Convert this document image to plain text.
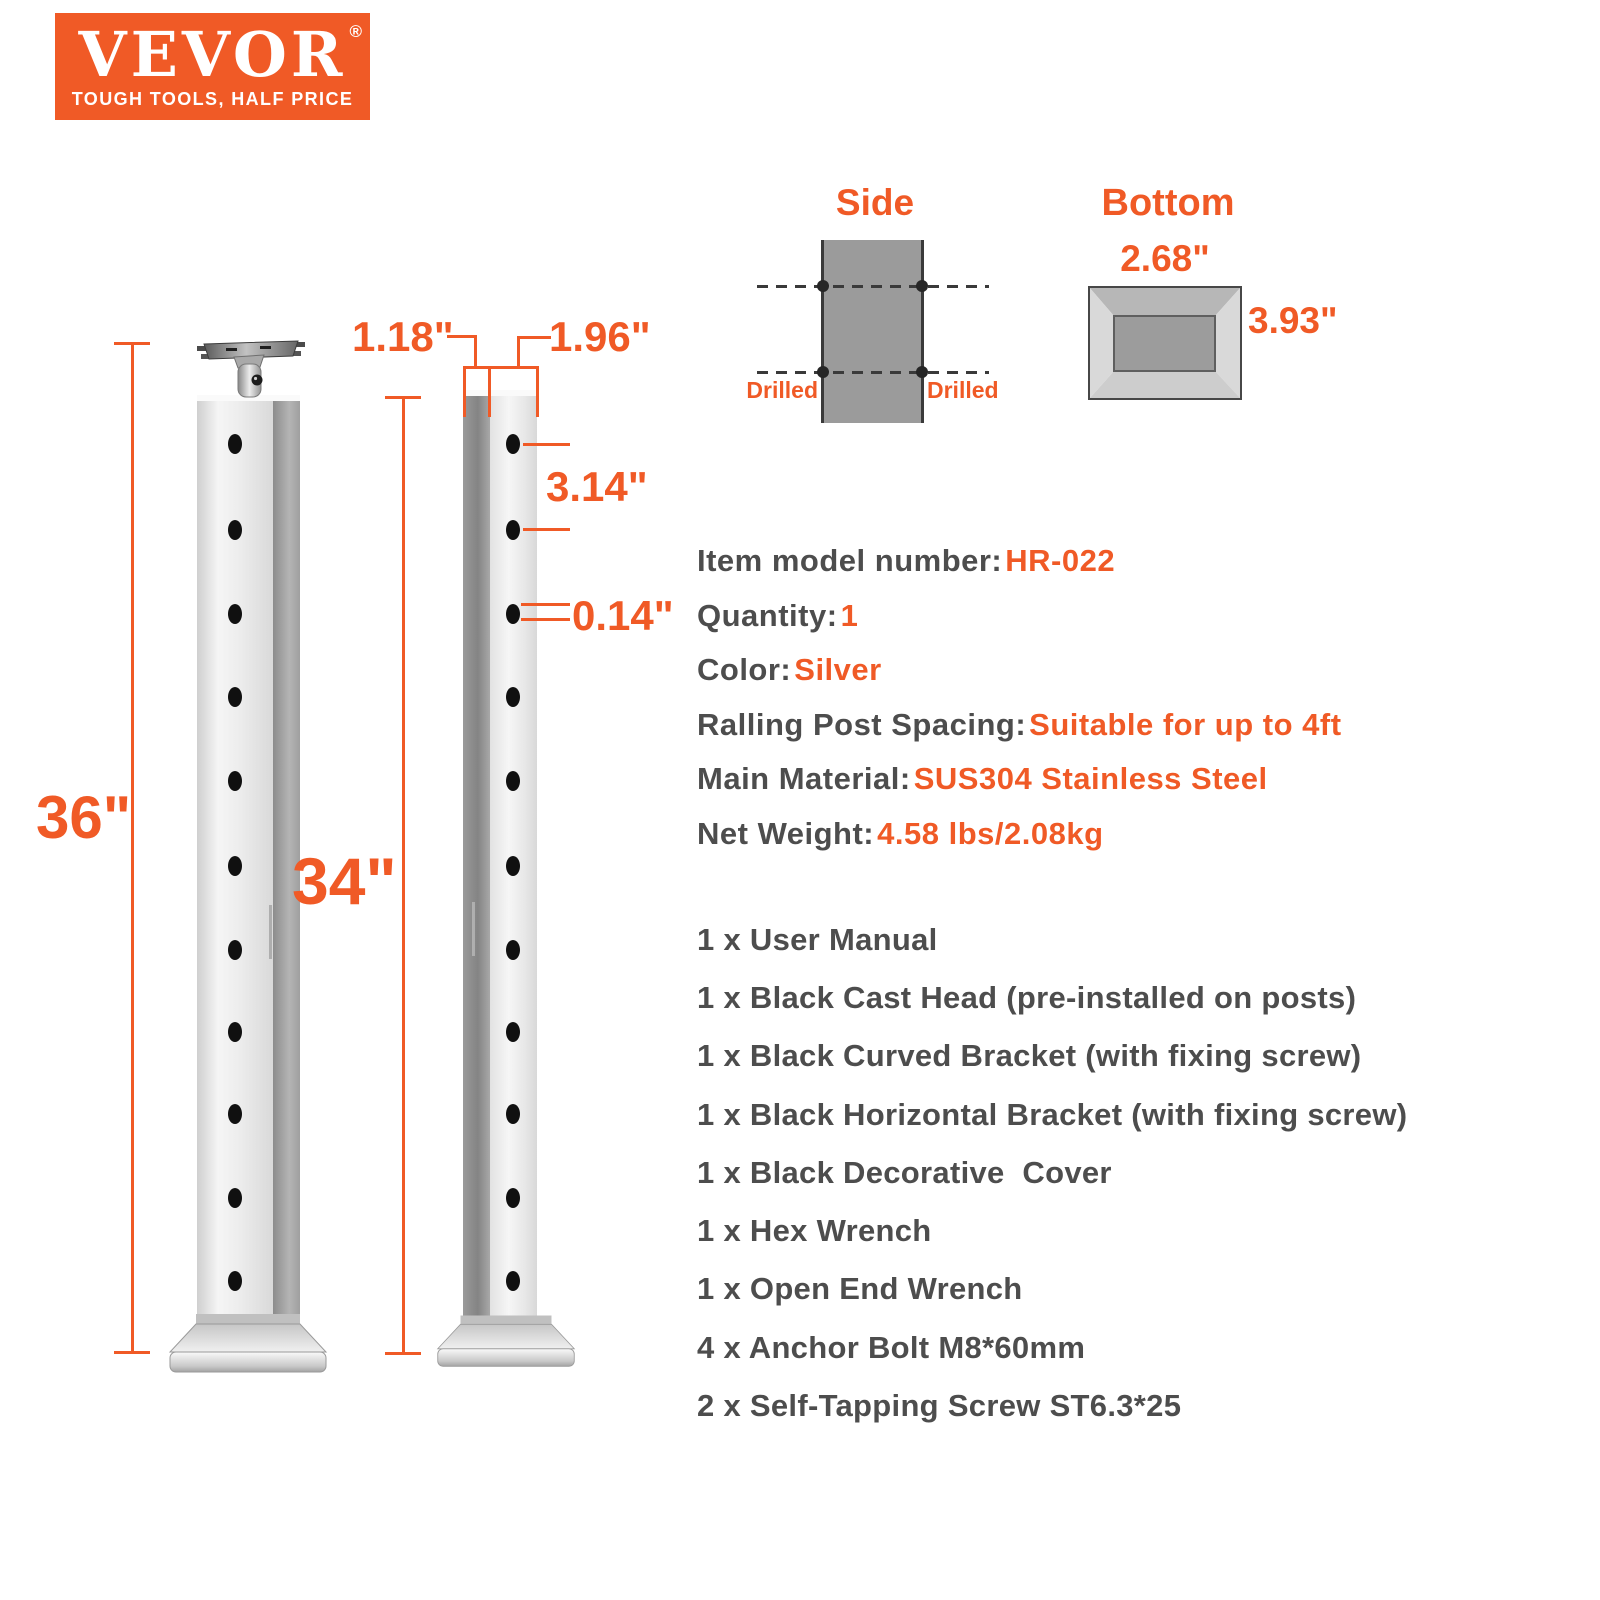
VEVOR ®
TOUGH TOOLS, HALF PRICE
36"
34"
1.18" 1.96"
3.14"
0.14"
Side
Drilled	Drilled
Bottom
2.68"
3.93"
Item model number:HR-022
Quantity:1
Color:Silver
Ralling Post Spacing:Suitable for up to 4ft
Main Material:SUS304 Stainless Steel
Net Weight:4.58 lbs/2.08kg
1 x User Manual
1 x Black Cast Head (pre-installed on posts)
1 x Black Curved Bracket (with fixing screw)
1 x Black Horizontal Bracket (with fixing screw)
1 x Black Decorative  Cover
1 x Hex Wrench
1 x Open End Wrench
4 x Anchor Bolt M8*60mm
2 x Self-Tapping Screw ST6.3*25
